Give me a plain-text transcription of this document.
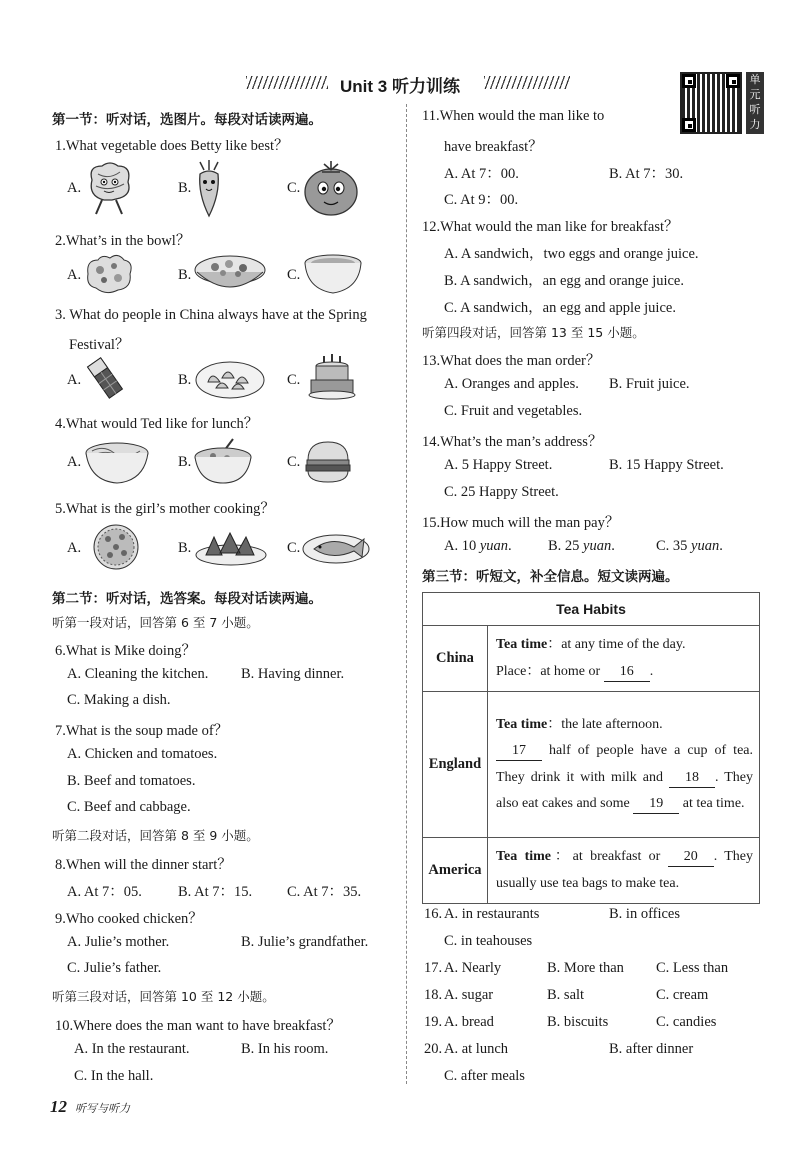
Unit 3 听力训练	单元听力
第一节：听对话，选图片。每段对话读两遍。
1.What vegetable does Betty like best？
A.	B.	C.
2.What’s in the bowl？
A.	B.	C.
3. What do people in China always have at the Spring
Festival？
A.	B.	C.
4.What would Ted like for lunch？
A.	B.	C.
5.What is the girl’s mother cooking？
A.	B.	C.
第二节：听对话，选答案。每段对话读两遍。
听第一段对话，回答第 6 至 7 小题。
6.What is Mike doing？
A. Cleaning the kitchen. B. Having dinner.
C. Making a dish.
7.What is the soup made of？
A. Chicken and tomatoes.
B. Beef and tomatoes.
C. Beef and cabbage.
听第二段对话，回答第 8 至 9 小题。
8.When will the dinner start？
A. At 7：05. B. At 7：15. C. At 7：35.
9.Who cooked chicken？
A. Julie’s mother.	B. Julie’s grandfather.
C. Julie’s father.
听第三段对话，回答第 10 至 12 小题。
10.Where does the man want to have breakfast？
A. In the restaurant.	B. In his room.
C. In the hall.
11.When would the man like to
have breakfast？
A. At 7：00.	B. At 7：30.
C. At 9：00.
12.What would the man like for breakfast？
A. A sandwich，two eggs and orange juice.
B. A sandwich，an egg and orange juice.
C. A sandwich，an egg and apple juice.
听第四段对话，回答第 13 至 15 小题。
13.What does the man order？
A. Oranges and apples. B. Fruit juice.
C. Fruit and vegetables.
14.What’s the man’s address？
A. 5 Happy Street.	B. 15 Happy Street.
C. 25 Happy Street.
15.How much will the man pay？
A. 10 yuan.	B. 25 yuan.	C. 35 yuan.
第三节：听短文，补全信息。短文读两遍。
Tea Habits	
China	Tea time：at any time of the day.
Place：at home or 16 .
England	Tea time：the late afternoon.
17 half of people have a cup of tea. They drink it with milk and 18 . They also eat cakes and some 19 at tea time.
America	Tea time：at breakfast or 20 . They usually use tea bags to make tea.
16. A. in restaurants	B. in offices
C. in teahouses
17. A. Nearly	B. More than C. Less than
18. A. sugar	B. salt	C. cream
19. A. bread	B. biscuits	C. candies
20. A. at lunch	B. after dinner
C. after meals
12 听写与听力
